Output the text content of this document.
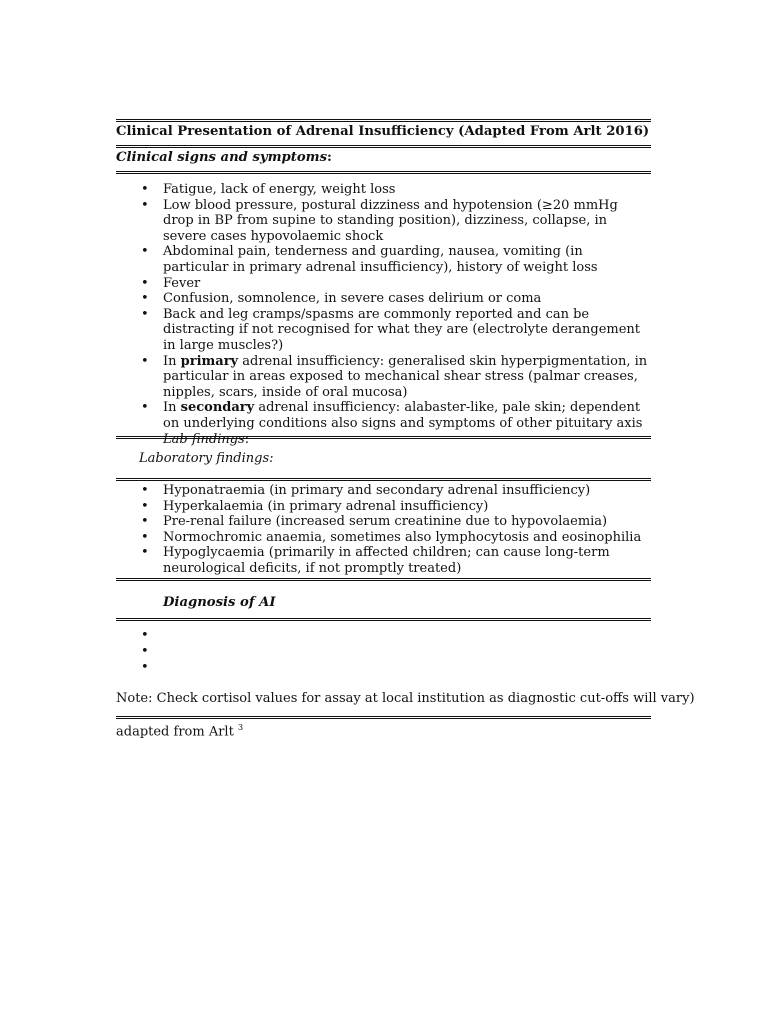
Clinical Presentation of Adrenal Insufficiency (Adapted From Arlt 2016)
Clinical signs and symptoms:
• Fatigue, lack of energy, weight loss
• Low blood pressure, postural dizziness and hypotension (≥20 mmHg drop in BP from supine to standing position), dizziness, collapse, in severe cases hypovolaemic shock
• Abdominal pain, tenderness and guarding, nausea, vomiting (in particular in primary adrenal insufficiency), history of weight loss
• Fever
• Confusion, somnolence, in severe cases delirium or coma
• Back and leg cramps/spasms are commonly reported and can be distracting if not recognised for what they are (electrolyte derangement in large muscles?)
• In primary adrenal insufficiency: generalised skin hyperpigmentation, in particular in areas exposed to mechanical shear stress (palmar creases, nipples, scars, inside of oral mucosa)
• In secondary adrenal insufficiency: alabaster-like, pale skin; dependent on underlying conditions also signs and symptoms of other pituitary axis Lab findings:
Laboratory findings:
• Hyponatraemia (in primary and secondary adrenal insufficiency)
• Hyperkalaemia (in primary adrenal insufficiency)
• Pre-renal failure (increased serum creatinine due to hypovolaemia)
• Normochromic anaemia, sometimes also lymphocytosis and eosinophilia
• Hypoglycaemia (primarily in affected children; can cause long-term neurological deficits, if not promptly treated)
Diagnosis of AI
•
•
•
Note: Check cortisol values for assay at local institution as diagnostic cut-offs will vary)
adapted from Arlt $^3$
